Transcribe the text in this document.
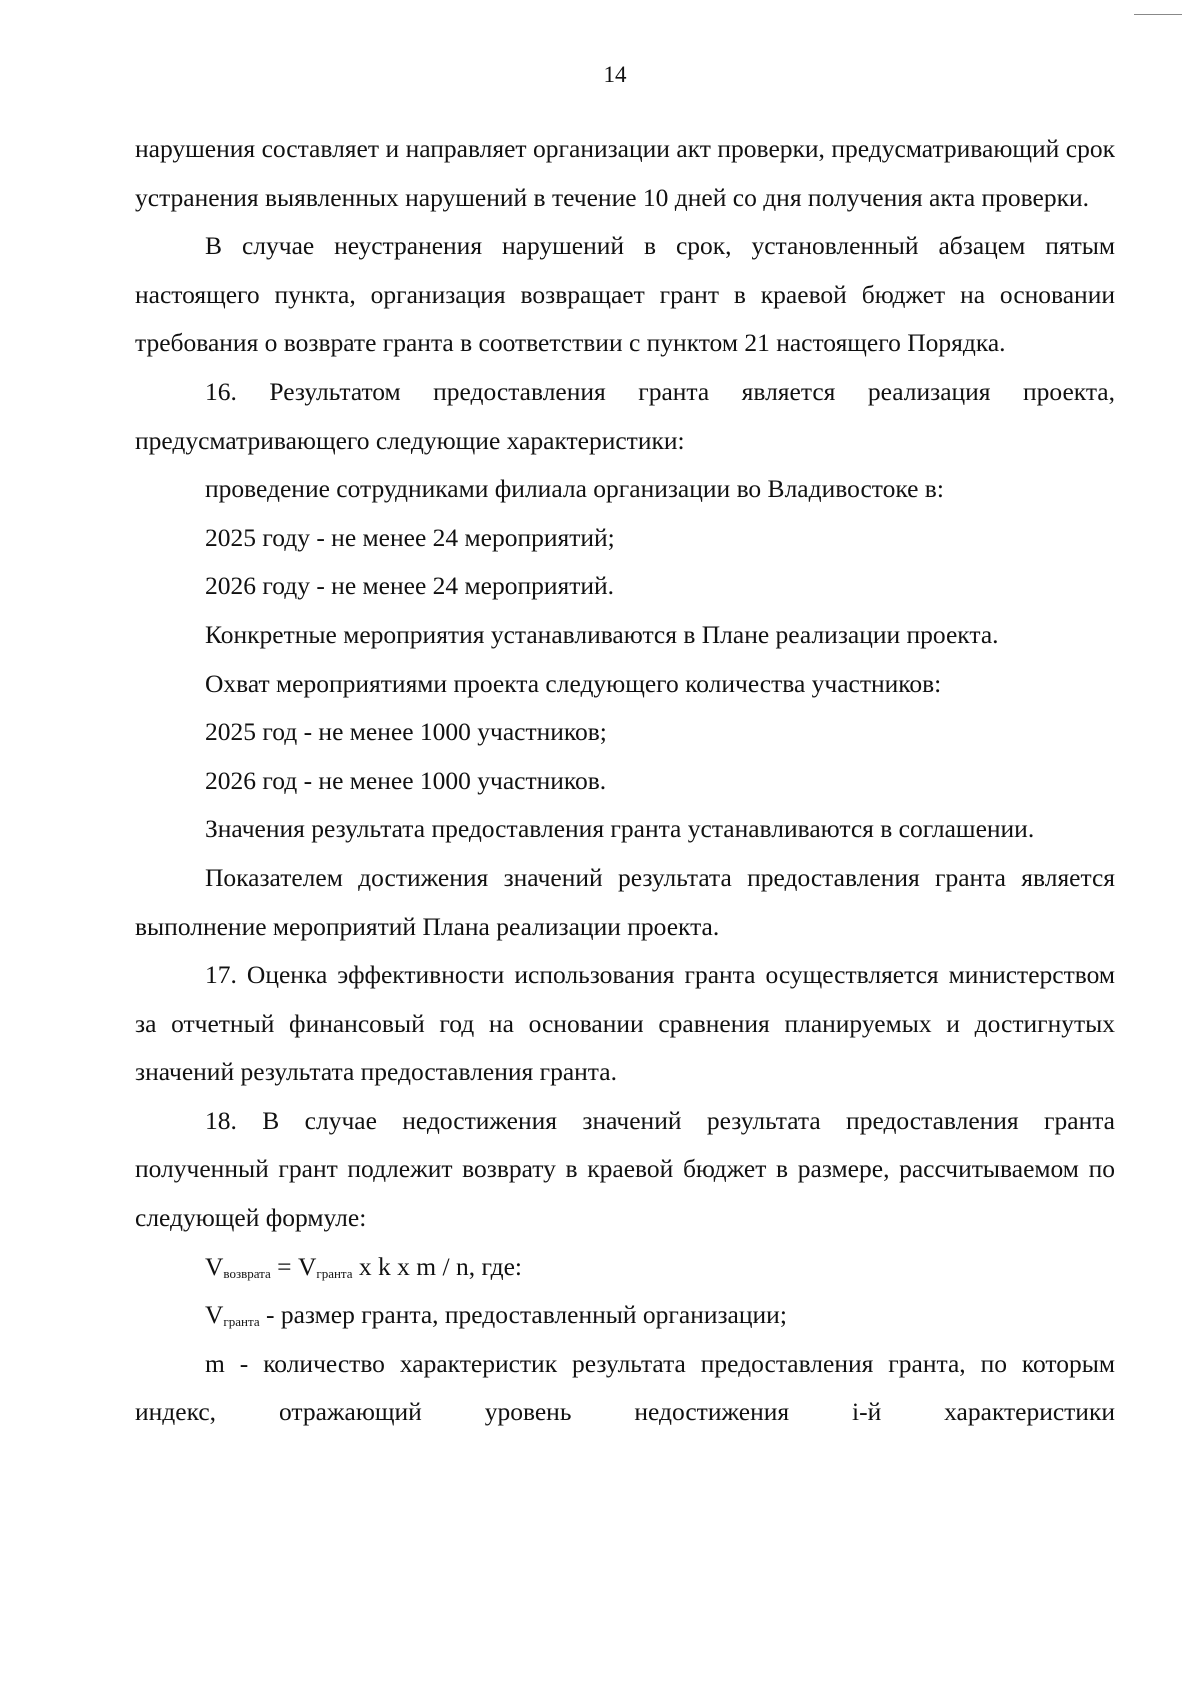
14

нарушения составляет и направляет организации акт проверки, предусматривающий срок устранения выявленных нарушений в течение 10 дней со дня получения акта проверки.

В случае неустранения нарушений в срок, установленный абзацем пятым настоящего пункта, организация возвращает грант в краевой бюджет на основании требования о возврате гранта в соответствии с пунктом 21 настоящего Порядка.

16. Результатом предоставления гранта является реализация проекта, предусматривающего следующие характеристики:

проведение сотрудниками филиала организации во Владивостоке в:

2025 году - не менее 24 мероприятий;

2026 году - не менее 24 мероприятий.

Конкретные мероприятия устанавливаются в Плане реализации проекта.

Охват мероприятиями проекта следующего количества участников:

2025 год - не менее 1000 участников;

2026 год - не менее 1000 участников.

Значения результата предоставления гранта устанавливаются в соглашении.

Показателем достижения значений результата предоставления гранта является выполнение мероприятий Плана реализации проекта.

17. Оценка эффективности использования гранта осуществляется министерством за отчетный финансовый год на основании сравнения планируемых и достигнутых значений результата предоставления гранта.

18. В случае недостижения значений результата предоставления гранта полученный грант подлежит возврату в краевой бюджет в размере, рассчитываемом по следующей формуле:

$V_{возврата} = V_{гранта}$ x k x m / n, где:

$V_{гранта}$ - размер гранта, предоставленный организации;

m - количество характеристик результата предоставления гранта, по которым индекс, отражающий уровень недостижения i-й характеристики
